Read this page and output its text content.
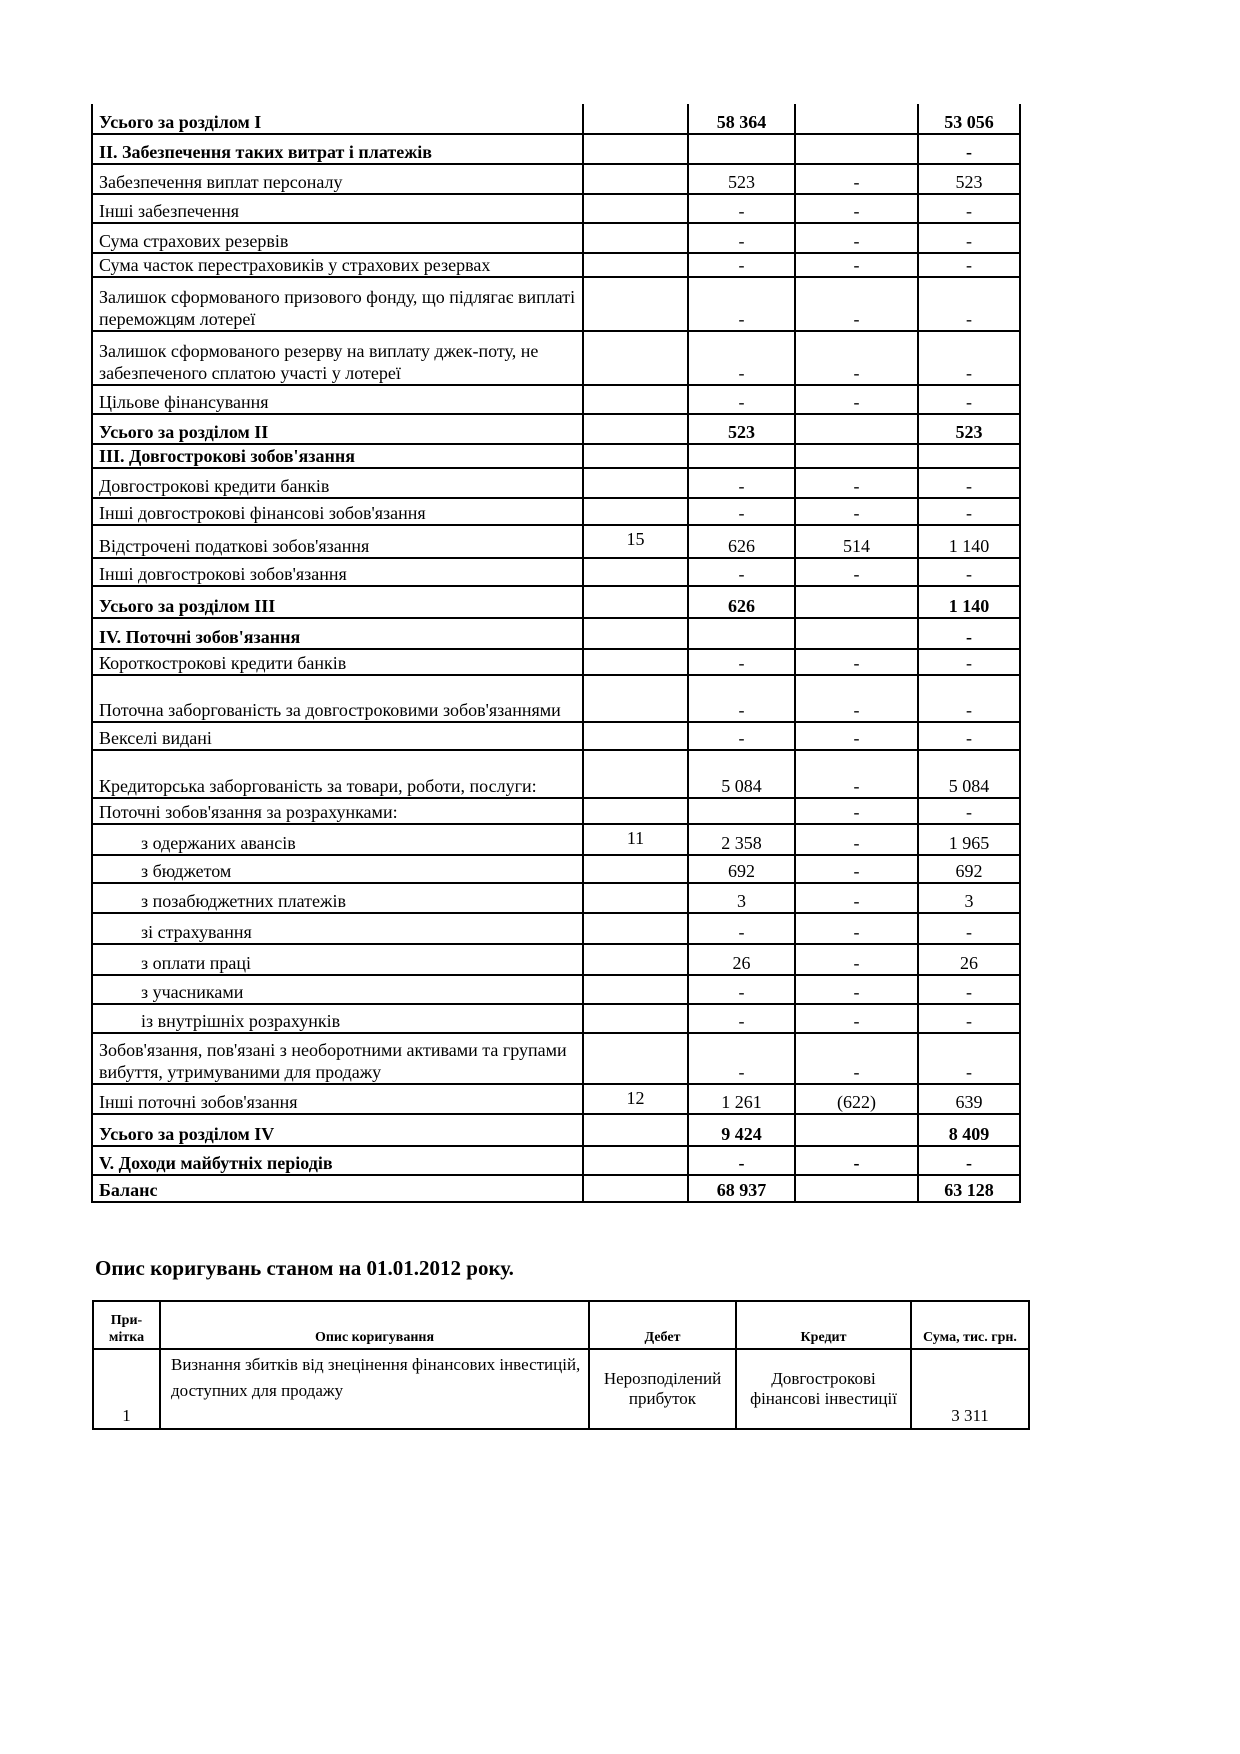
Усього за розділом I		58 364		53 056
II. Забезпечення таких витрат і платежів				-
Забезпечення виплат персоналу		523	-	523
Інші забезпечення		-	-	-
Сума страхових резервів		-	-	-
Сума часток перестраховиків у страхових резервах		-	-	-
Залишок сформованого призового фонду, що підлягає виплаті переможцям лотереї		-	-	-
Залишок сформованого резерву на виплату джек-поту, не забезпеченого сплатою участі у лотереї		-	-	-
Цільове фінансування		-	-	-
Усього за розділом II		523		523
III. Довгострокові зобов'язання				
Довгострокові кредити банків		-	-	-
Інші довгострокові фінансові зобов'язання		-	-	-
Відстрочені податкові зобов'язання	15	626	514	1 140
Інші довгострокові зобов'язання		-	-	-
Усього за розділом III		626		1 140
IV. Поточні зобов'язання				-
Короткострокові кредити банків		-	-	-
Поточна заборгованість за довгостроковими зобов'язаннями		-	-	-
Векселі видані		-	-	-
Кредиторська заборгованість за товари, роботи, послуги:		5 084	-	5 084
Поточні зобов'язання за розрахунками:			-	-
з одержаних авансів	11	2 358	-	1 965
з бюджетом		692	-	692
з позабюджетних платежів		3	-	3
зі страхування		-	-	-
з оплати праці		26	-	26
з учасниками		-	-	-
із внутрішніх розрахунків		-	-	-
Зобов'язання, пов'язані з необоротними активами та групами вибуття, утримуваними для продажу		-	-	-
Інші поточні зобов'язання	12	1 261	(622)	639
Усього за розділом IV		9 424		8 409
V. Доходи майбутніх періодів		-	-	-
Баланс		68 937		63 128
Опис коригувань станом на 01.01.2012 року.
При-мітка	Опис коригування	Дебет	Кредит	Сума, тис. грн.
1	Визнання збитків від знецінення фінансових інвестицій, доступних для продажу	Нерозподілений прибуток	Довгострокові фінансові інвестиції	3 311
